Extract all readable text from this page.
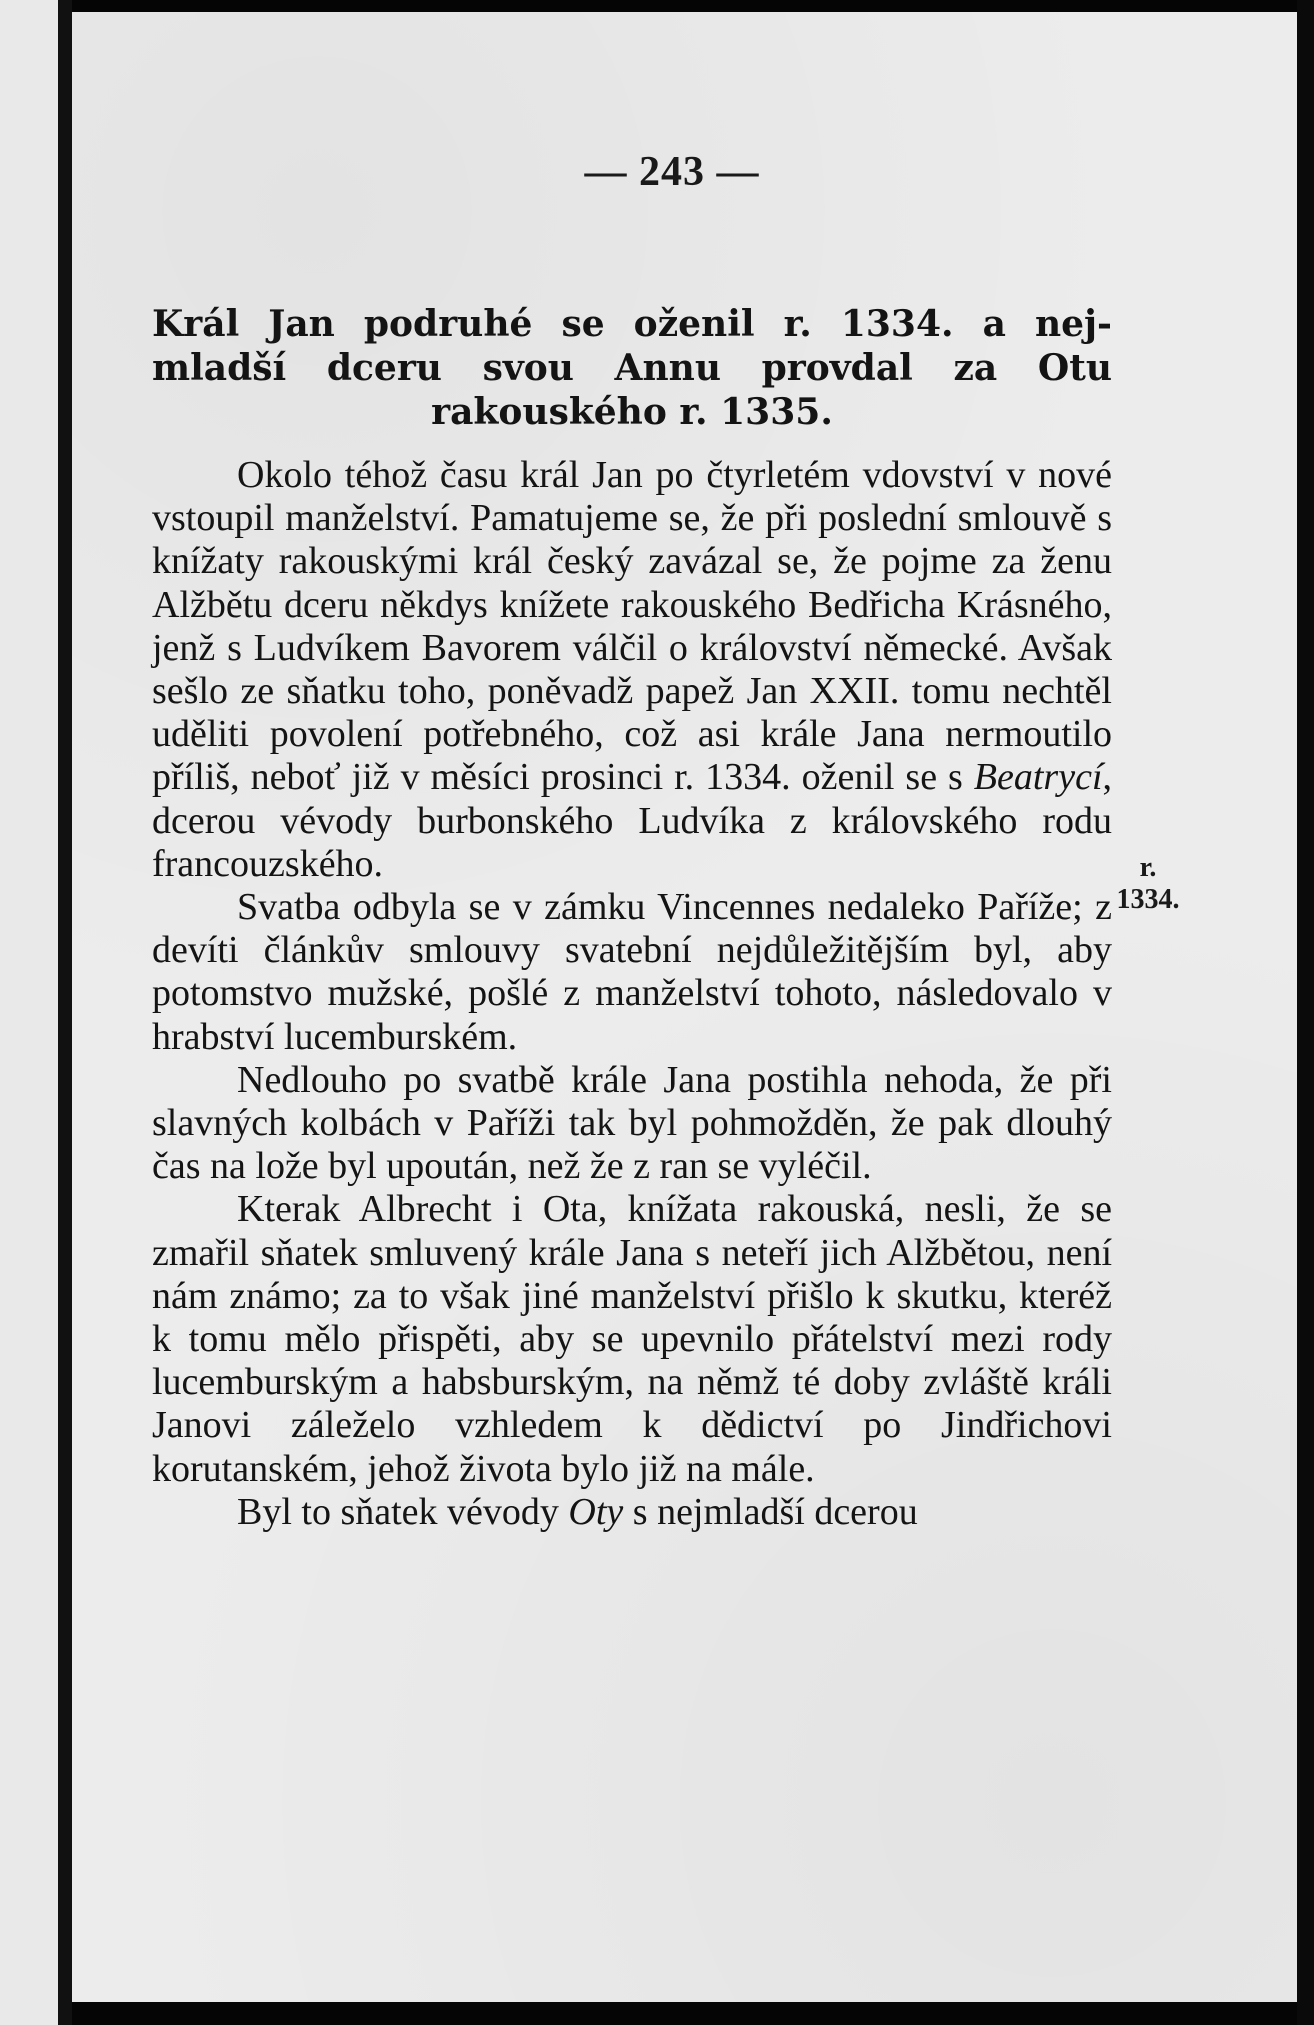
— 243 —
Král Jan podruhé se oženil r. 1334. a nej-
mladší dceru svou Annu provdal za Otu
rakouského r. 1335.

Okolo téhož času král Jan po čtyrletém vdovství v nové vstoupil manželství. Pamatujeme se, že při poslední smlouvě s knížaty rakouskými král český zavázal se, že pojme za ženu Alžbětu dceru někdys knížete rakouského Bedřicha Krásného, jenž s Ludvíkem Bavorem válčil o království německé. Avšak sešlo ze sňatku toho, poněvadž papež Jan XXII. tomu nechtěl uděliti povolení potřebného, což asi krále Jana nermoutilo příliš, neboť již v měsíci prosinci r. 1334. oženil se s Beatrycí, dcerou vévody burbonského Ludvíka z královského rodu francouzského.

Svatba odbyla se v zámku Vincennes nedaleko Paříže; z devíti článkův smlouvy svatební nejdůležitějším byl, aby potomstvo mužské, pošlé z manželství tohoto, následovalo v hrabství lucemburském.

Nedlouho po svatbě krále Jana postihla nehoda, že při slavných kolbách v Paříži tak byl pohmožděn, že pak dlouhý čas na lože byl upoután, než že z ran se vyléčil.

Kterak Albrecht i Ota, knížata rakouská, nesli, že se zmařil sňatek smluvený krále Jana s neteří jich Alžbětou, není nám známo; za to však jiné manželství přišlo k skutku, kteréž k tomu mělo přispěti, aby se upevnilo přátelství mezi rody lucemburským a habsburským, na němž té doby zvláště králi Janovi záleželo vzhledem k dědictví po Jindřichovi korutanském, jehož života bylo již na mále.

Byl to sňatek vévody Oty s nejmladší dcerou

r.
1334.
